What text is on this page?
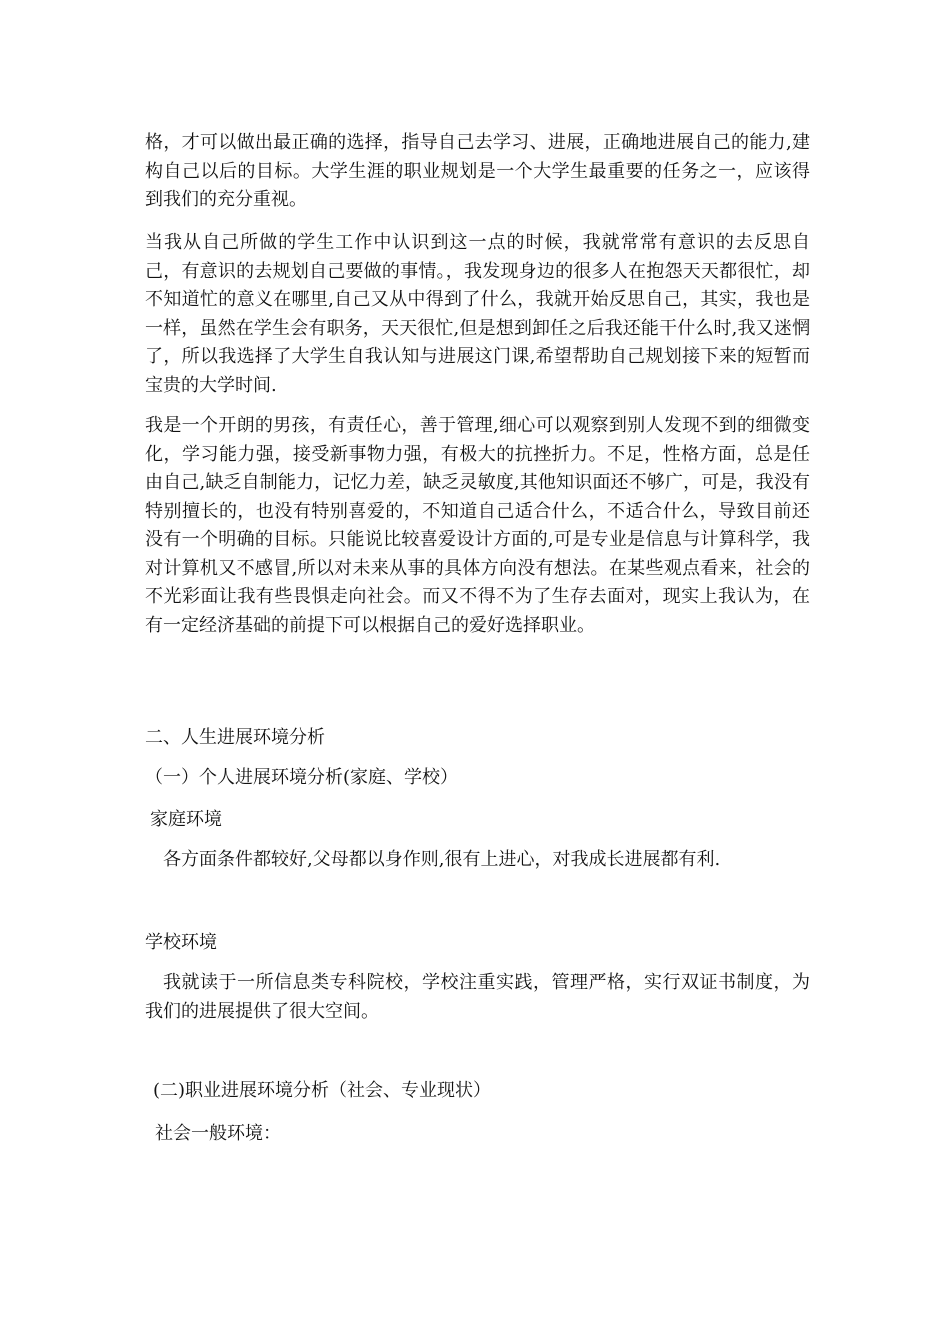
格，才可以做出最正确的选择，指导自己去学习、进展，正确地进展自己的能力,建构自己以后的目标。大学生涯的职业规划是一个大学生最重要的任务之一，应该得到我们的充分重视。

当我从自己所做的学生工作中认识到这一点的时候，我就常常有意识的去反思自己，有意识的去规划自己要做的事情。，我发现身边的很多人在抱怨天天都很忙，却不知道忙的意义在哪里,自己又从中得到了什么，我就开始反思自己，其实，我也是一样，虽然在学生会有职务，天天很忙,但是想到卸任之后我还能干什么时,我又迷惘了，所以我选择了大学生自我认知与进展这门课,希望帮助自己规划接下来的短暂而宝贵的大学时间.

我是一个开朗的男孩，有责任心，善于管理,细心可以观察到别人发现不到的细微变化，学习能力强，接受新事物力强，有极大的抗挫折力。不足，性格方面，总是任由自己,缺乏自制能力，记忆力差，缺乏灵敏度,其他知识面还不够广，可是，我没有特别擅长的，也没有特别喜爱的，不知道自己适合什么，不适合什么，导致目前还没有一个明确的目标。只能说比较喜爱设计方面的,可是专业是信息与计算科学，我对计算机又不感冒,所以对未来从事的具体方向没有想法。在某些观点看来，社会的不光彩面让我有些畏惧走向社会。而又不得不为了生存去面对，现实上我认为，在有一定经济基础的前提下可以根据自己的爱好选择职业。

二、人生进展环境分析

（一）个人进展环境分析(家庭、学校）

家庭环境

各方面条件都较好,父母都以身作则,很有上进心，对我成长进展都有利.

学校环境

我就读于一所信息类专科院校，学校注重实践，管理严格，实行双证书制度，为我们的进展提供了很大空间。

(二)职业进展环境分析（社会、专业现状）

社会一般环境：
